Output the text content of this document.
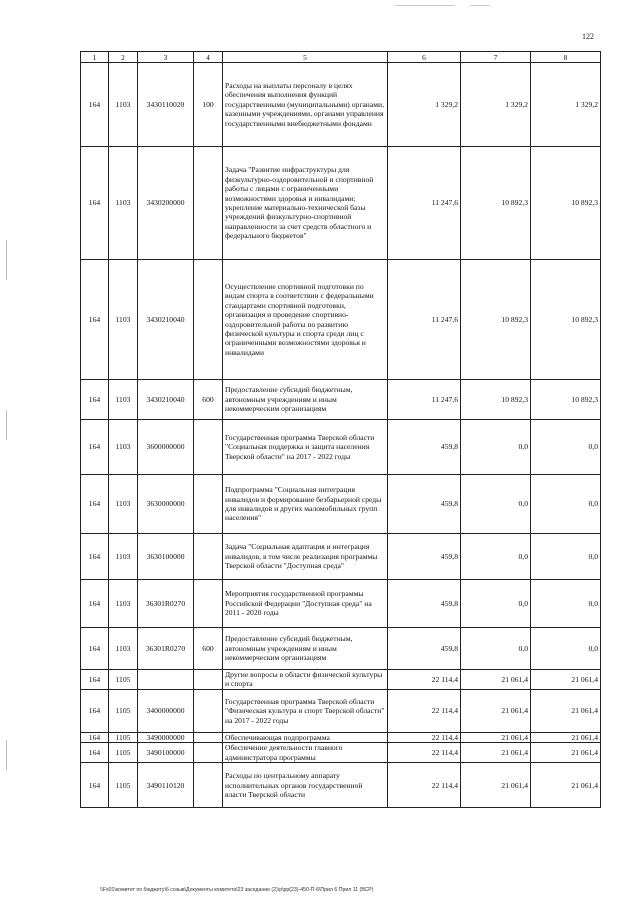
122
1	2	3	4	5	6	7	8
164	1103	3430110020	100	Расходы на выплаты персоналу в целях обеспечения выполнения функций государственными (муниципальными) органами, казенными учреждениями, органами управления государственными внебюджетными фондами	1 329,2	1 329,2	1 329,2
164	1103	3430200000		Задача "Развитие инфраструктуры для физкультурно-оздоровительной и спортивной работы с лицами с ограниченными возможностями здоровья и инвалидами; укрепление материально-технической базы учреждений физкультурно-спортивной направленности за счет средств областного и федерального бюджетов"	11 247,6	10 892,3	10 892,3
164	1103	3430210040		Осуществление спортивной подготовки по видам спорта в соответствии с федеральными стандартами спортивной подготовки, организация и проведение спортивно-оздоровительной работы по развитию физической культуры и спорта среди лиц с ограниченными возможностями здоровья и инвалидами	11 247,6	10 892,3	10 892,3
164	1103	3430210040	600	Предоставление субсидий бюджетным, автономным учреждениям и иным некоммерческим организациям	11 247,6	10 892,3	10 892,3
164	1103	3600000000		Государственная программа Тверской области "Социальная поддержка и защита населения Тверской области" на 2017 - 2022 годы	459,8	0,0	0,0
164	1103	3630000000		Подпрограмма "Социальная интеграция инвалидов и формирование безбарьерной среды для инвалидов и других маломобильных групп населения"	459,8	0,0	0,0
164	1103	3630100000		Задача "Социальная адаптация и интеграция инвалидов, в том числе реализация программы Тверской области "Доступная среда"	459,8	0,0	0,0
164	1103	36301R0270		Мероприятия государственной программы Российской Федерации "Доступная среда" на 2011 - 2020 годы	459,8	0,0	0,0
164	1103	36301R0270	600	Предоставление субсидий бюджетным, автономным учреждениям и иным некоммерческим организациям	459,8	0,0	0,0
164	1105			Другие вопросы в области физической культуры и спорта	22 114,4	21 061,4	21 061,4
164	1105	3400000000		Государственная программа Тверской области "Физическая культура и спорт Тверской области" на 2017 - 2022 годы	22 114,4	21 061,4	21 061,4
164	1105	3490000000		Обеспечивающая подпрограмма	22 114,4	21 061,4	21 061,4
164	1105	3490100000		Обеспечение деятельности главного администратора программы	22 114,4	21 061,4	21 061,4
164	1105	3490110120		Расходы по центральному аппарату исполнительных органов государственной власти Тверской области	22 114,4	21 061,4	21 061,4
\\Fs01\комитет по бюджету\6 созыв\Документы комитета\23 заседание (2)\р\рр(23)-450-П-6\Прил 6 Прил 11 (ВСР)
